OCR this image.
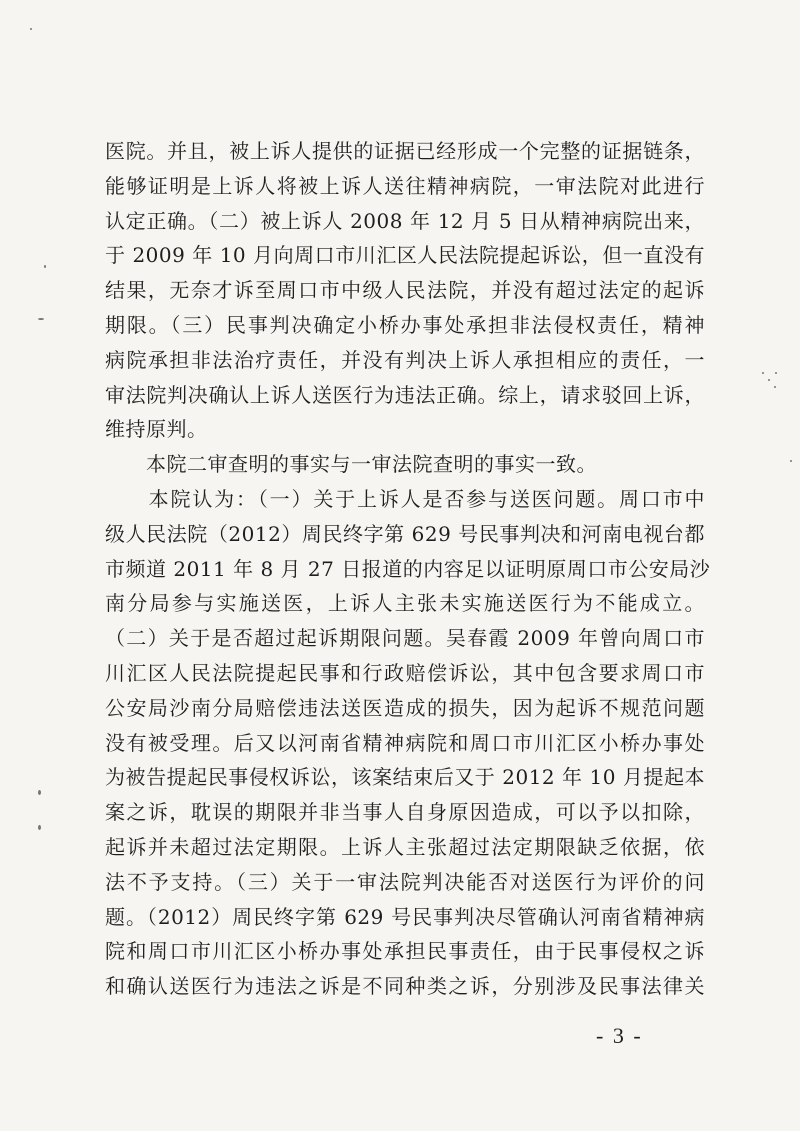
医院。并且，被上诉人提供的证据已经形成一个完整的证据链条，
能够证明是上诉人将被上诉人送往精神病院，一审法院对此进行
认定正确。（二）被上诉人 2008 年 12 月 5 日从精神病院出来，
于 2009 年 10 月向周口市川汇区人民法院提起诉讼，但一直没有
结果，无奈才诉至周口市中级人民法院，并没有超过法定的起诉
期限。（三）民事判决确定小桥办事处承担非法侵权责任，精神
病院承担非法治疗责任，并没有判决上诉人承担相应的责任，一
审法院判决确认上诉人送医行为违法正确。综上，请求驳回上诉，
维持原判。
　　本院二审查明的事实与一审法院查明的事实一致。
　　本院认为：（一）关于上诉人是否参与送医问题。周口市中
级人民法院（2012）周民终字第 629 号民事判决和河南电视台都
市频道 2011 年 8 月 27 日报道的内容足以证明原周口市公安局沙
南分局参与实施送医，上诉人主张未实施送医行为不能成立。
（二）关于是否超过起诉期限问题。吴春霞 2009 年曾向周口市
川汇区人民法院提起民事和行政赔偿诉讼，其中包含要求周口市
公安局沙南分局赔偿违法送医造成的损失，因为起诉不规范问题
没有被受理。后又以河南省精神病院和周口市川汇区小桥办事处
为被告提起民事侵权诉讼，该案结束后又于 2012 年 10 月提起本
案之诉，耽误的期限并非当事人自身原因造成，可以予以扣除，
起诉并未超过法定期限。上诉人主张超过法定期限缺乏依据，依
法不予支持。（三）关于一审法院判决能否对送医行为评价的问
题。（2012）周民终字第 629 号民事判决尽管确认河南省精神病
院和周口市川汇区小桥办事处承担民事责任，由于民事侵权之诉
和确认送医行为违法之诉是不同种类之诉，分别涉及民事法律关
- 3 -
